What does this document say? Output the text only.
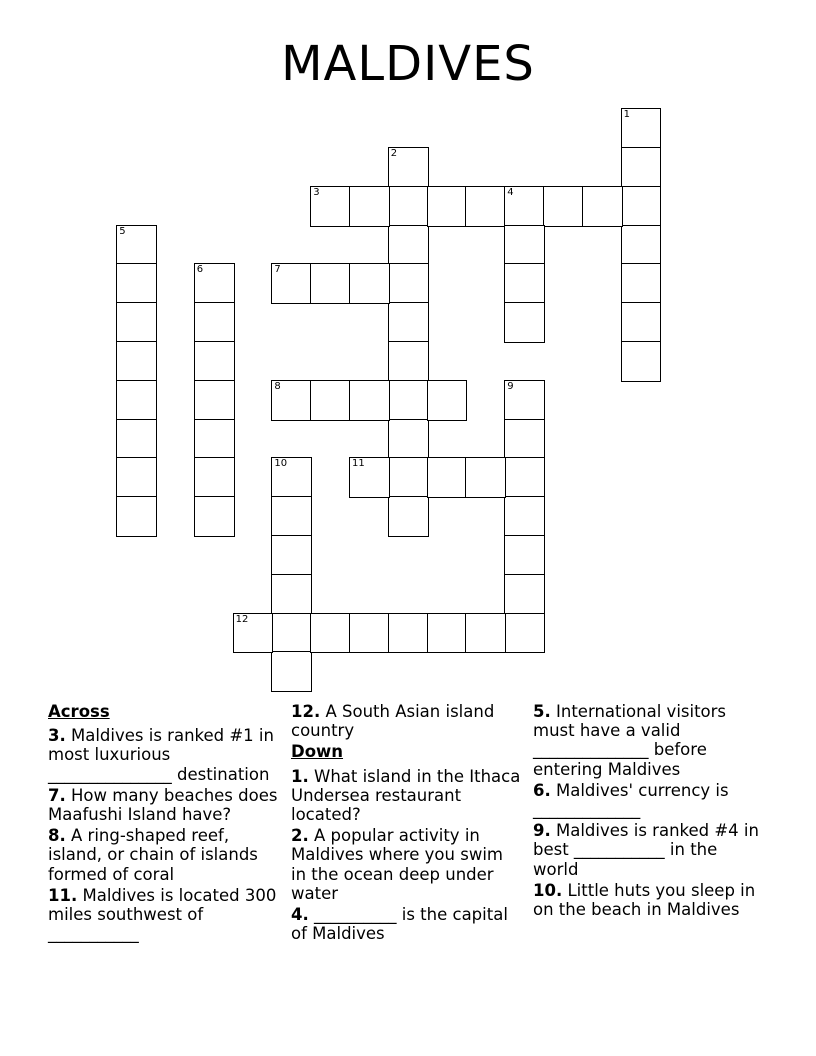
MALDIVES
1
2
3	4
5
6	7
8	9
10	11
12
Across
3. Maldives is ranked #1 in most luxurious _______________ destination
7. How many beaches does Maafushi Island have?
8. A ring-shaped reef, island, or chain of islands formed of coral
11. Maldives is located 300 miles southwest of ___________
12. A South Asian island country
Down
1. What island in the Ithaca Undersea restaurant located?
2. A popular activity in Maldives where you swim in the ocean deep under water
4. __________ is the capital of Maldives
5. International visitors must have a valid ______________ before entering Maldives
6. Maldives' currency is _____________
9. Maldives is ranked #4 in best ___________ in the world
10. Little huts you sleep in on the beach in Maldives
